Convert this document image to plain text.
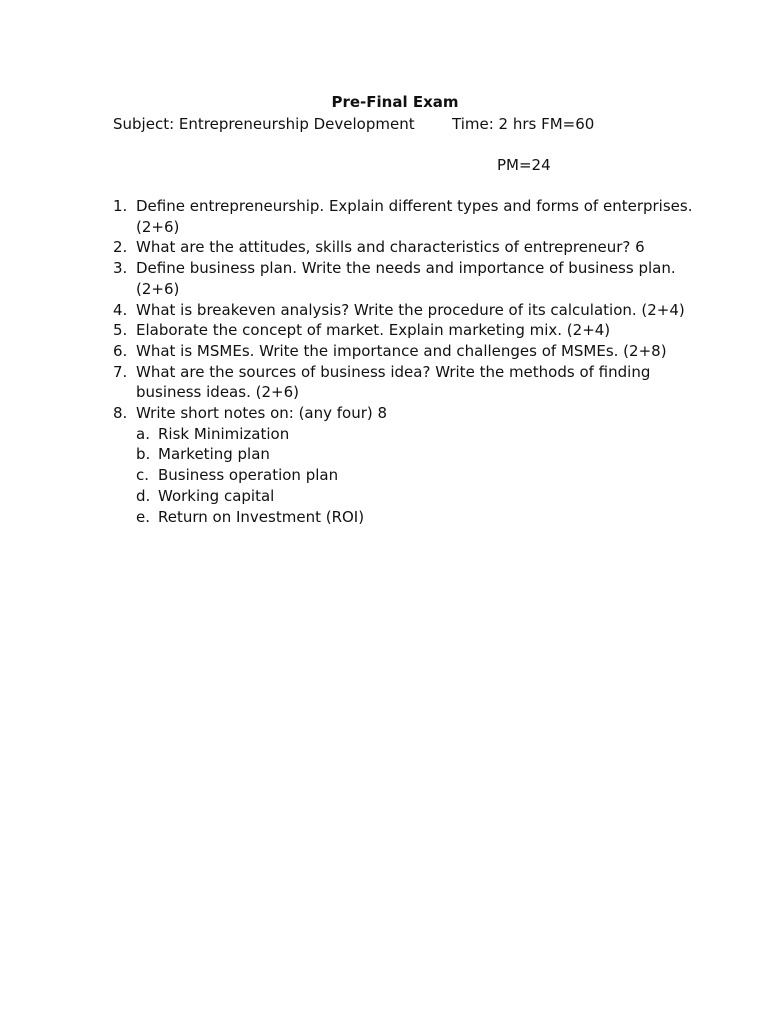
Pre-Final Exam
Subject: Entrepreneurship Development Time: 2 hrs FM=60
PM=24
1. Define entrepreneurship. Explain different types and forms of enterprises. (2+6)
2. What are the attitudes, skills and characteristics of entrepreneur? 6
3. Define business plan. Write the needs and importance of business plan. (2+6)
4. What is breakeven analysis? Write the procedure of its calculation. (2+4)
5. Elaborate the concept of market. Explain marketing mix. (2+4)
6. What is MSMEs. Write the importance and challenges of MSMEs. (2+8)
7. What are the sources of business idea? Write the methods of finding business ideas. (2+6)
8. Write short notes on: (any four) 8
a. Risk Minimization
b. Marketing plan
c. Business operation plan
d. Working capital
e. Return on Investment (ROI)
